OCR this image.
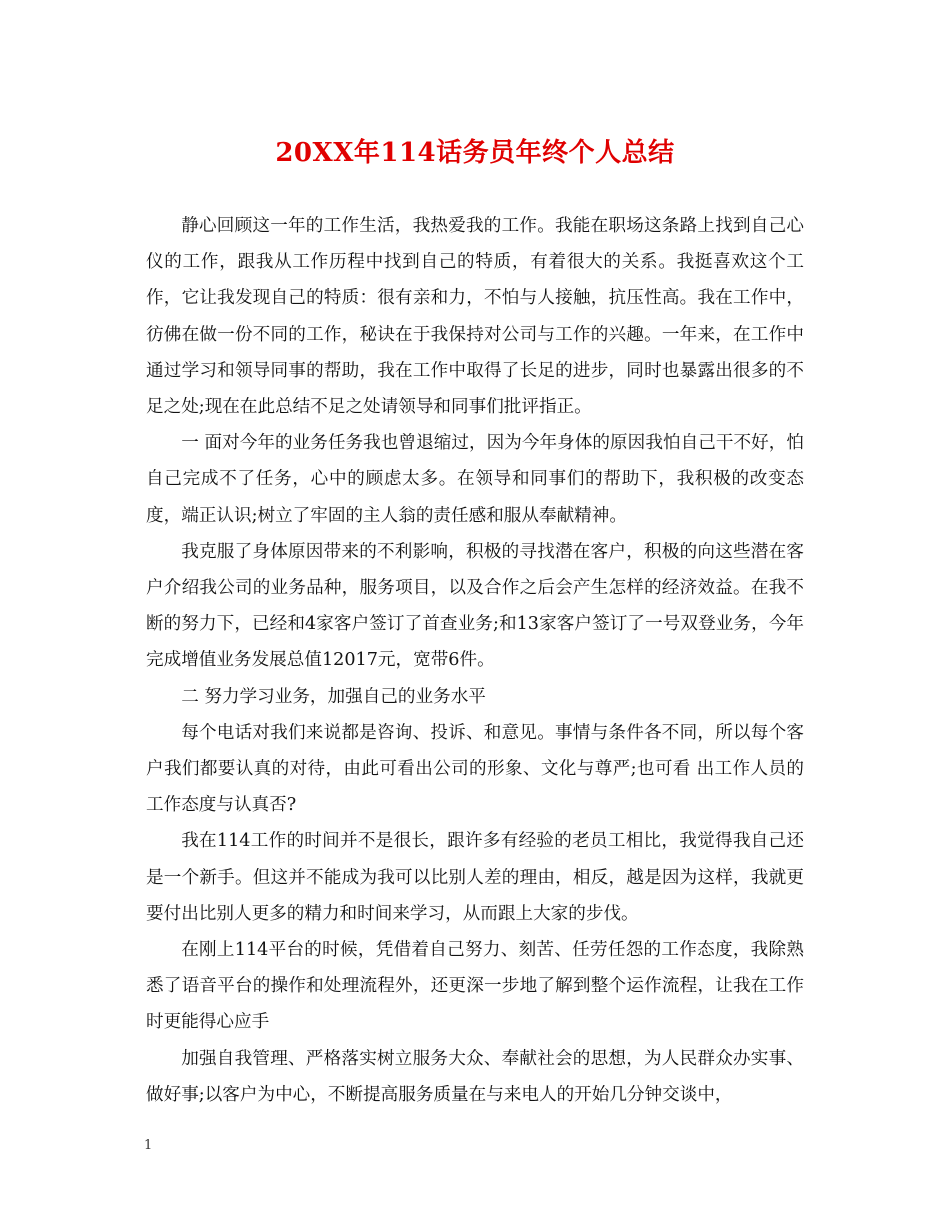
20XX年114话务员年终个人总结

静心回顾这一年的工作生活，我热爱我的工作。我能在职场这条路上找到自己心仪的工作，跟我从工作历程中找到自己的特质，有着很大的关系。我挺喜欢这个工作，它让我发现自己的特质：很有亲和力，不怕与人接触，抗压性高。我在工作中，彷佛在做一份不同的工作，秘诀在于我保持对公司与工作的兴趣。一年来，在工作中通过学习和领导同事的帮助，我在工作中取得了长足的进步，同时也暴露出很多的不足之处;现在在此总结不足之处请领导和同事们批评指正。

一 面对今年的业务任务我也曾退缩过，因为今年身体的原因我怕自己干不好，怕自己完成不了任务，心中的顾虑太多。在领导和同事们的帮助下，我积极的改变态度，端正认识;树立了牢固的主人翁的责任感和服从奉献精神。

我克服了身体原因带来的不利影响，积极的寻找潜在客户，积极的向这些潜在客户介绍我公司的业务品种，服务项目，以及合作之后会产生怎样的经济效益。在我不断的努力下，已经和4家客户签订了首查业务;和13家客户签订了一号双登业务，今年完成增值业务发展总值12017元，宽带6件。

二 努力学习业务，加强自己的业务水平

每个电话对我们来说都是咨询、投诉、和意见。事情与条件各不同，所以每个客户我们都要认真的对待，由此可看出公司的形象、文化与尊严;也可看 出工作人员的工作态度与认真否?

我在114工作的时间并不是很长，跟许多有经验的老员工相比，我觉得我自己还是一个新手。但这并不能成为我可以比别人差的理由，相反，越是因为这样，我就更要付出比别人更多的精力和时间来学习，从而跟上大家的步伐。

在刚上114平台的时候，凭借着自己努力、刻苦、任劳任怨的工作态度，我除熟悉了语音平台的操作和处理流程外，还更深一步地了解到整个运作流程，让我在工作时更能得心应手

加强自我管理、严格落实树立服务大众、奉献社会的思想，为人民群众办实事、做好事;以客户为中心，不断提高服务质量在与来电人的开始几分钟交谈中，

1
